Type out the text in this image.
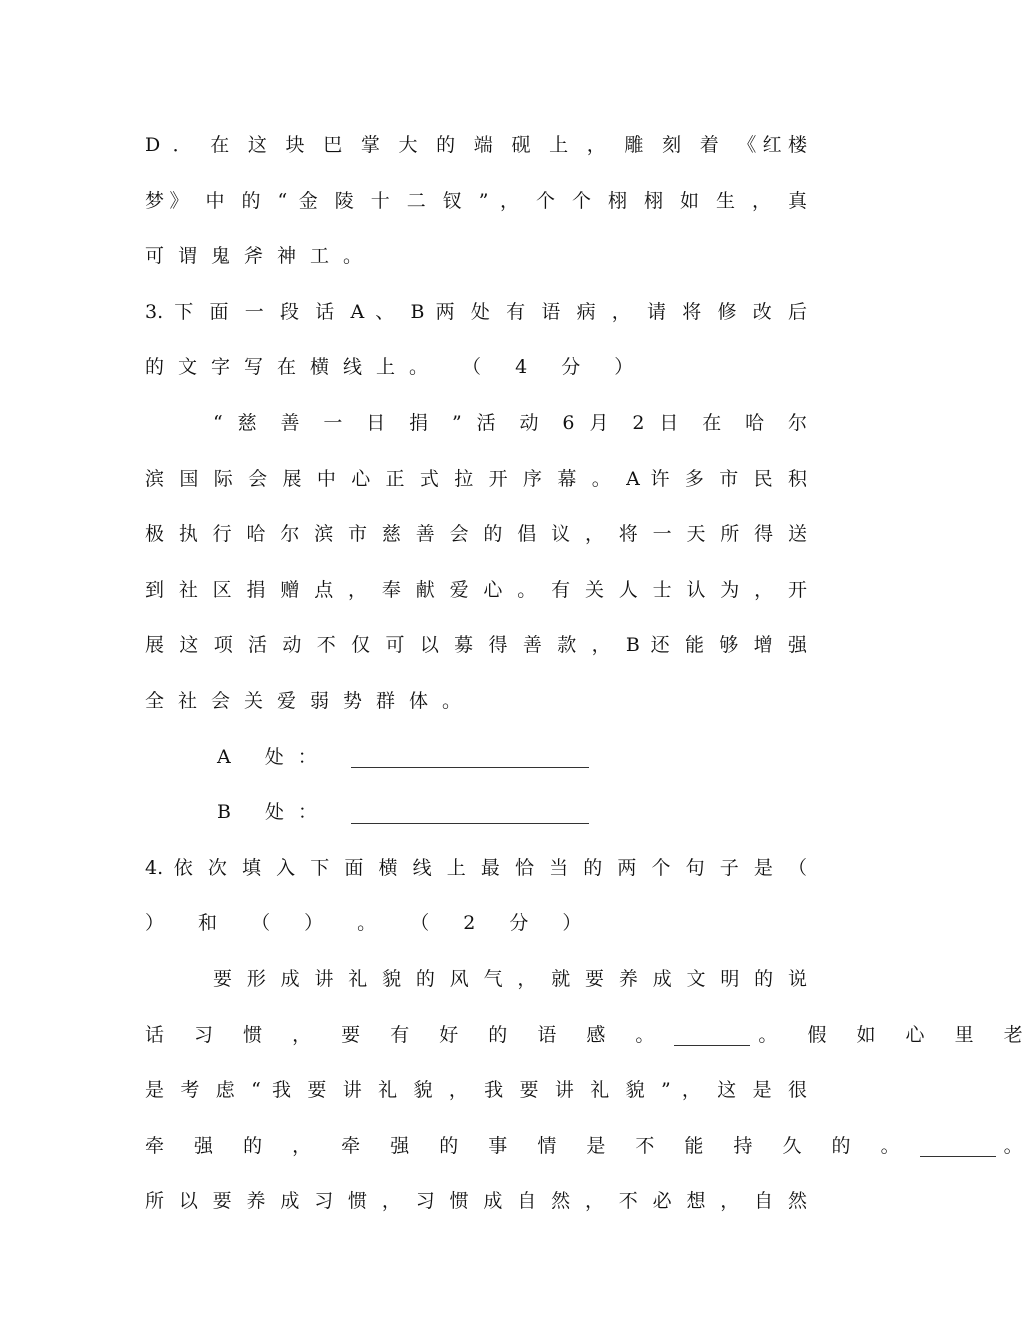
D ． 在 这 块 巴 掌 大 的 端 砚 上 ， 雕 刻 着 《红楼
梦》 中 的 “ 金 陵 十 二 钗 ” ， 个 个 栩 栩 如 生 ， 真
可谓鬼斧神工。
3. 下 面 一 段 话 A 、 B 两 处 有 语 病 ， 请 将 修 改 后
的文字写在横线上。 （ 4 分 ）
“ 慈 善 一 日 捐 ” 活 动 6 月 2 日 在 哈 尔
滨 国 际 会 展 中 心 正 式 拉 开 序 幕 。 A 许 多 市 民 积
极 执 行 哈 尔 滨 市 慈 善 会 的 倡 议 ， 将 一 天 所 得 送
到 社 区 捐 赠 点 ， 奉 献 爱 心 。 有 关 人 士 认 为 ， 开
展 这 项 活 动 不 仅 可 以 募 得 善 款 ， B 还 能 够 增 强
全社会关爱弱势群体。
A 处：
B 处：
4. 依 次 填 入 下 面 横 线 上 最 恰 当 的 两 个 句 子 是 （
） 和 （ ） 。 （ 2 分 ）
要 形 成 讲 礼 貌 的 风 气 ， 就 要 养 成 文 明 的 说
话 习 惯 ， 要 有 好 的 语 感 。	。 假 如 心 里 老
是 考 虑 “ 我 要 讲 礼 貌 ， 我 要 讲 礼 貌 ” ， 这 是 很
牵 强 的 ， 牵 强 的 事 情 是 不 能 持 久 的 。	。
所 以 要 养 成 习 惯 ， 习 惯 成 自 然 ， 不 必 想 ， 自 然
